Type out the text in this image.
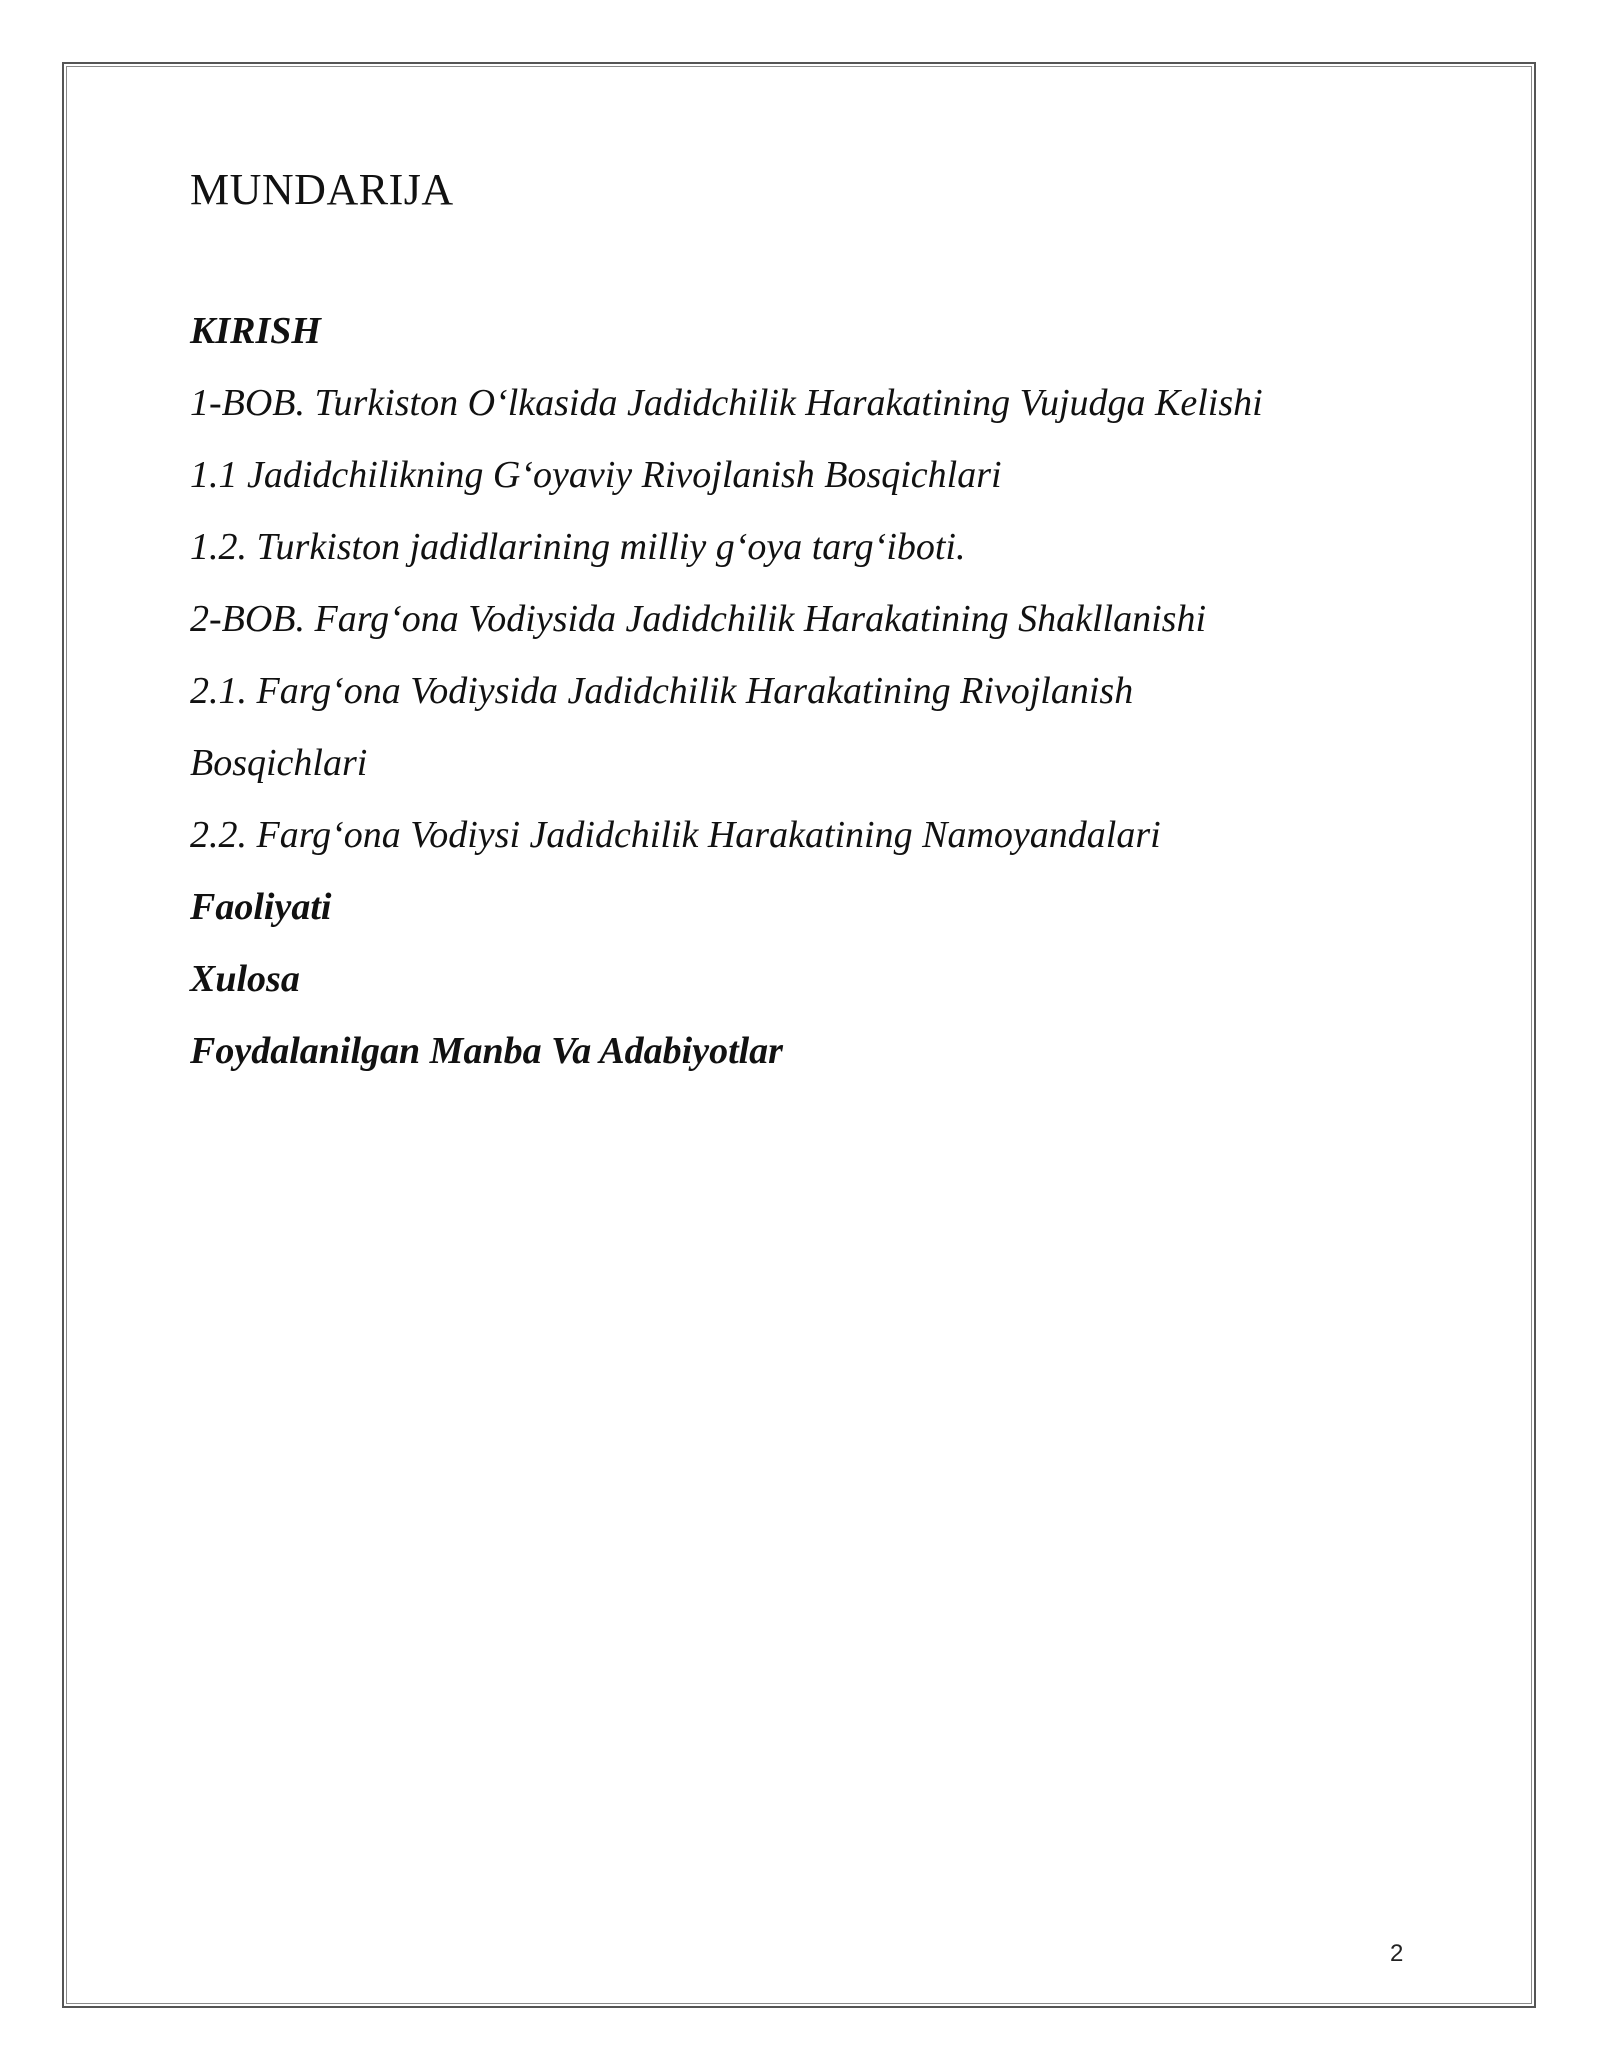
MUNDARIJA
KIRISH
1-BOB. Turkiston O‘lkasida Jadidchilik Harakatining Vujudga Kelishi
1.1 Jadidchilikning G‘oyaviy Rivojlanish Bosqichlari
1.2. Turkiston jadidlarining milliy g‘oya targ‘iboti.
2-BOB. Farg‘ona Vodiysida Jadidchilik Harakatining Shakllanishi
2.1. Farg‘ona Vodiysida Jadidchilik Harakatining Rivojlanish
Bosqichlari
2.2. Farg‘ona Vodiysi Jadidchilik Harakatining Namoyandalari
Faoliyati
Xulosa
Foydalanilgan Manba Va Adabiyotlar
2
